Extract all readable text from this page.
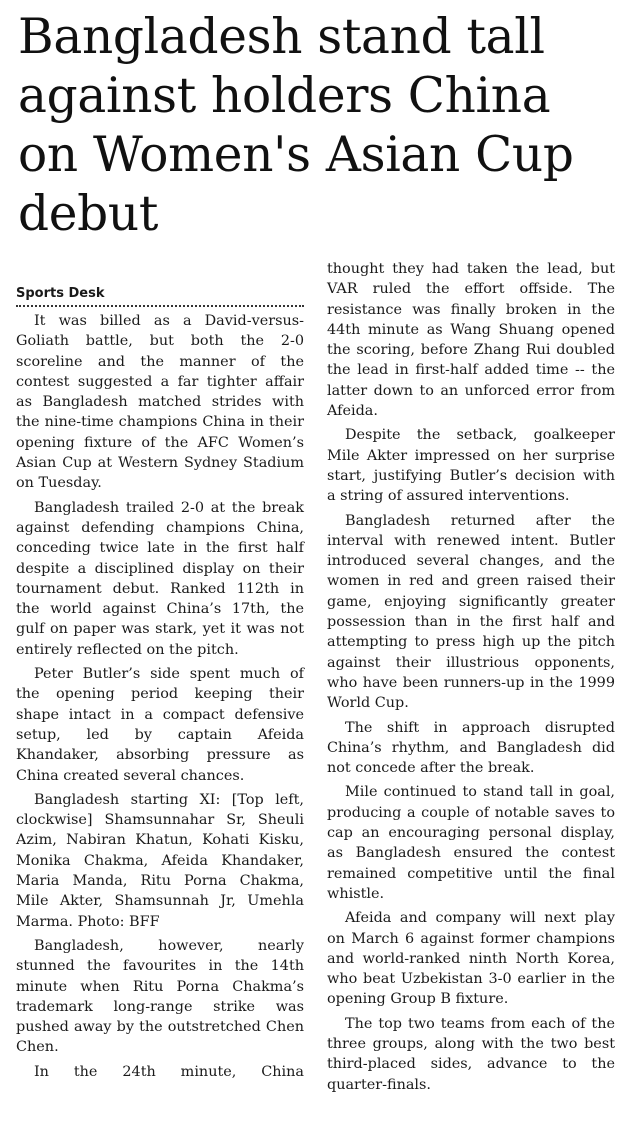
Bangladesh stand tall against holders China on Women's Asian Cup debut
Sports Desk

It was billed as a David-versus-Goliath battle, but both the 2-0 scoreline and the manner of the contest suggested a far tighter affair as Bangladesh matched strides with the nine-time champions China in their opening fixture of the AFC Women’s Asian Cup at Western Sydney Stadium on Tuesday.

Bangladesh trailed 2-0 at the break against defending champions China, conceding twice late in the first half despite a disciplined display on their tournament debut. Ranked 112th in the world against China’s 17th, the gulf on paper was stark, yet it was not entirely reflected on the pitch.

Peter Butler’s side spent much of the opening period keeping their shape intact in a compact defensive setup, led by captain Afeida Khandaker, absorbing pressure as China created several chances.

Bangladesh starting XI: [Top left, clockwise] Shamsunnahar Sr, Sheuli Azim, Nabiran Khatun, Kohati Kisku, Monika Chakma, Afeida Khandaker, Maria Manda, Ritu Porna Chakma, Mile Akter, Shamsunnah Jr, Umehla Marma. Photo: BFF

Bangladesh, however, nearly stunned the favourites in the 14th minute when Ritu Porna Chakma’s trademark long-range strike was pushed away by the outstretched Chen Chen.

In the 24th minute, China

thought they had taken the lead, but VAR ruled the effort offside. The resistance was finally broken in the 44th minute as Wang Shuang opened the scoring, before Zhang Rui doubled the lead in first-half added time -- the latter down to an unforced error from Afeida.

Despite the setback, goalkeeper Mile Akter impressed on her surprise start, justifying Butler’s decision with a string of assured interventions.

Bangladesh returned after the interval with renewed intent. Butler introduced several changes, and the women in red and green raised their game, enjoying significantly greater possession than in the first half and attempting to press high up the pitch against their illustrious opponents, who have been runners-up in the 1999 World Cup.

The shift in approach disrupted China’s rhythm, and Bangladesh did not concede after the break.

Mile continued to stand tall in goal, producing a couple of notable saves to cap an encouraging personal display, as Bangladesh ensured the contest remained competitive until the final whistle.

Afeida and company will next play on March 6 against former champions and world-ranked ninth North Korea, who beat Uzbekistan 3-0 earlier in the opening Group B fixture.

The top two teams from each of the three groups, along with the two best third-placed sides, advance to the quarter-finals.
